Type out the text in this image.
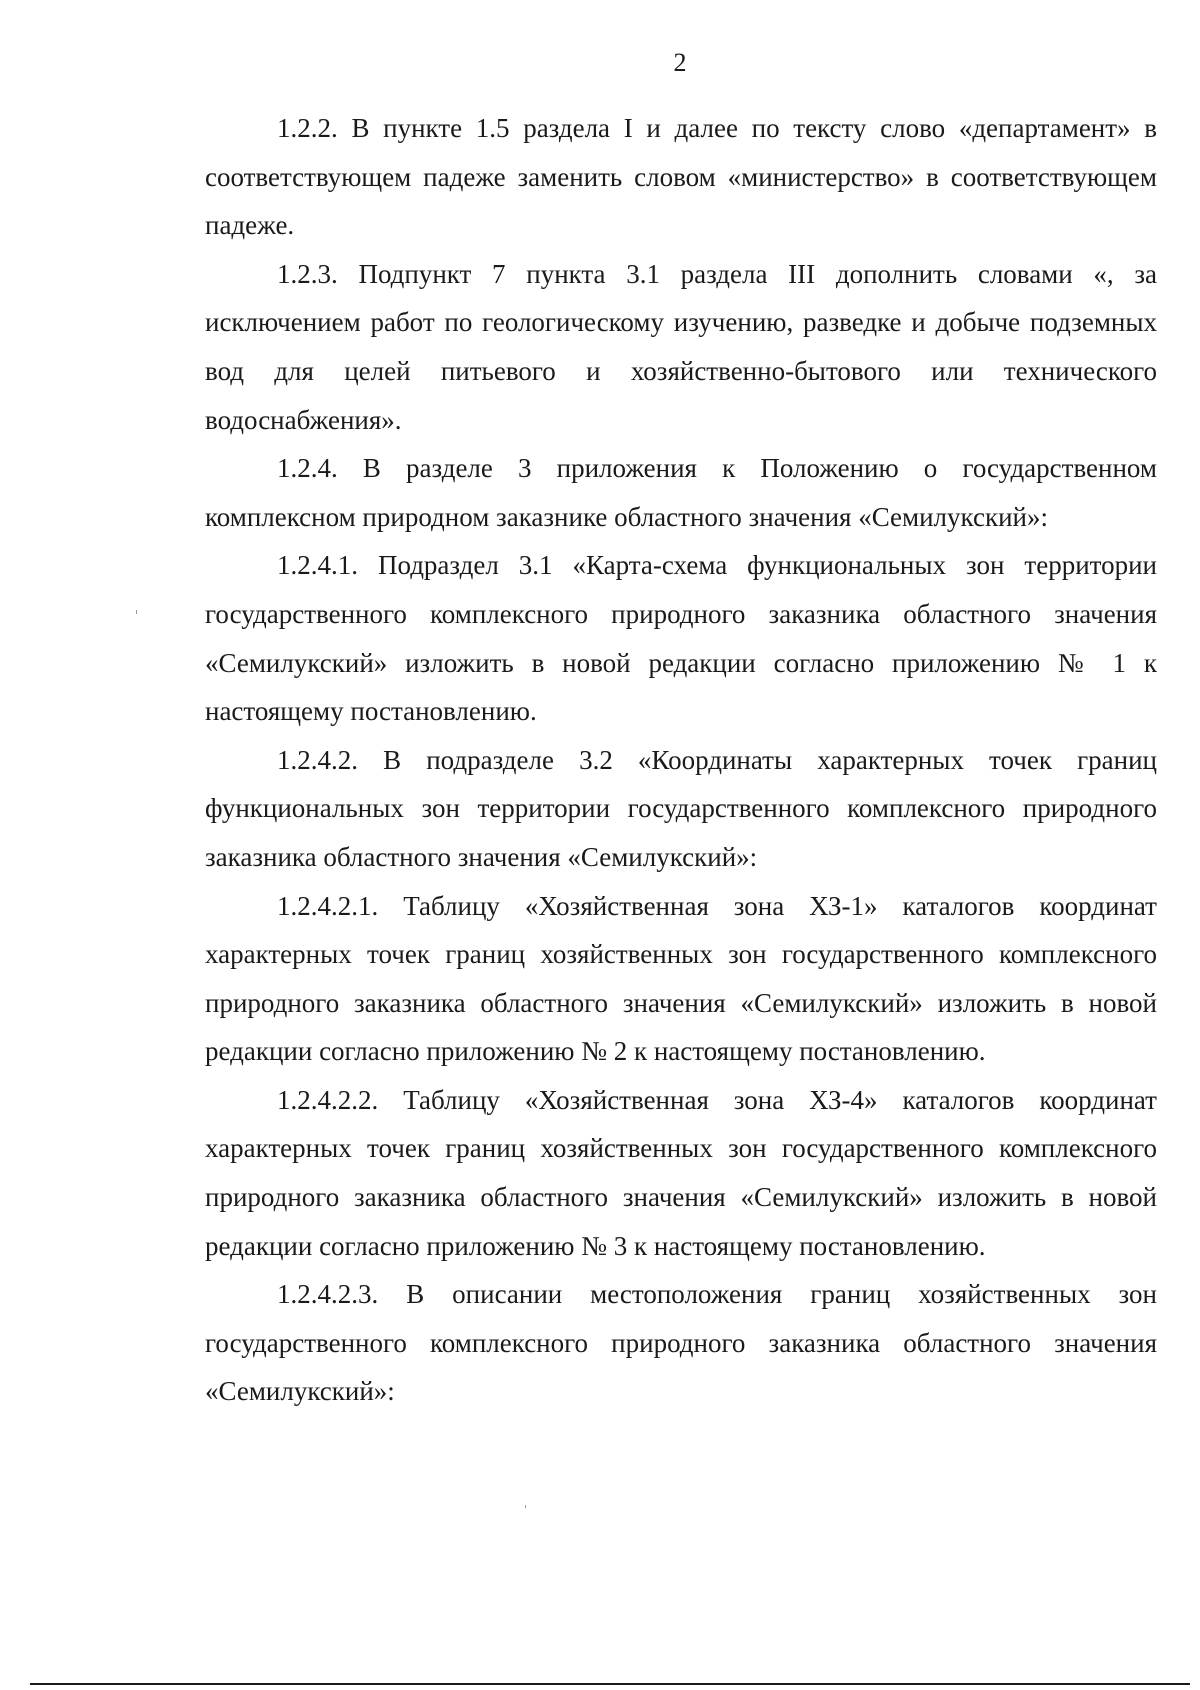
2

1.2.2. В пункте 1.5 раздела I и далее по тексту слово «департамент» в соответствующем падеже заменить словом «министерство» в соответствующем падеже.

1.2.3. Подпункт 7 пункта 3.1 раздела III дополнить словами «, за исключением работ по геологическому изучению, разведке и добыче подземных вод для целей питьевого и хозяйственно-бытового или технического водоснабжения».

1.2.4. В разделе 3 приложения к Положению о государственном комплексном природном заказнике областного значения «Семилукский»:

1.2.4.1. Подраздел 3.1 «Карта-схема функциональных зон территории государственного комплексного природного заказника областного значения «Семилукский» изложить в новой редакции согласно приложению № 1 к настоящему постановлению.

1.2.4.2. В подразделе 3.2 «Координаты характерных точек границ функциональных зон территории государственного комплексного природного заказника областного значения «Семилукский»:

1.2.4.2.1. Таблицу «Хозяйственная зона ХЗ-1» каталогов координат характерных точек границ хозяйственных зон государственного комплексного природного заказника областного значения «Семилукский» изложить в новой редакции согласно приложению № 2 к настоящему постановлению.

1.2.4.2.2. Таблицу «Хозяйственная зона ХЗ-4» каталогов координат характерных точек границ хозяйственных зон государственного комплексного природного заказника областного значения «Семилукский» изложить в новой редакции согласно приложению № 3 к настоящему постановлению.

1.2.4.2.3. В описании местоположения границ хозяйственных зон государственного комплексного природного заказника областного значения «Семилукский»:
